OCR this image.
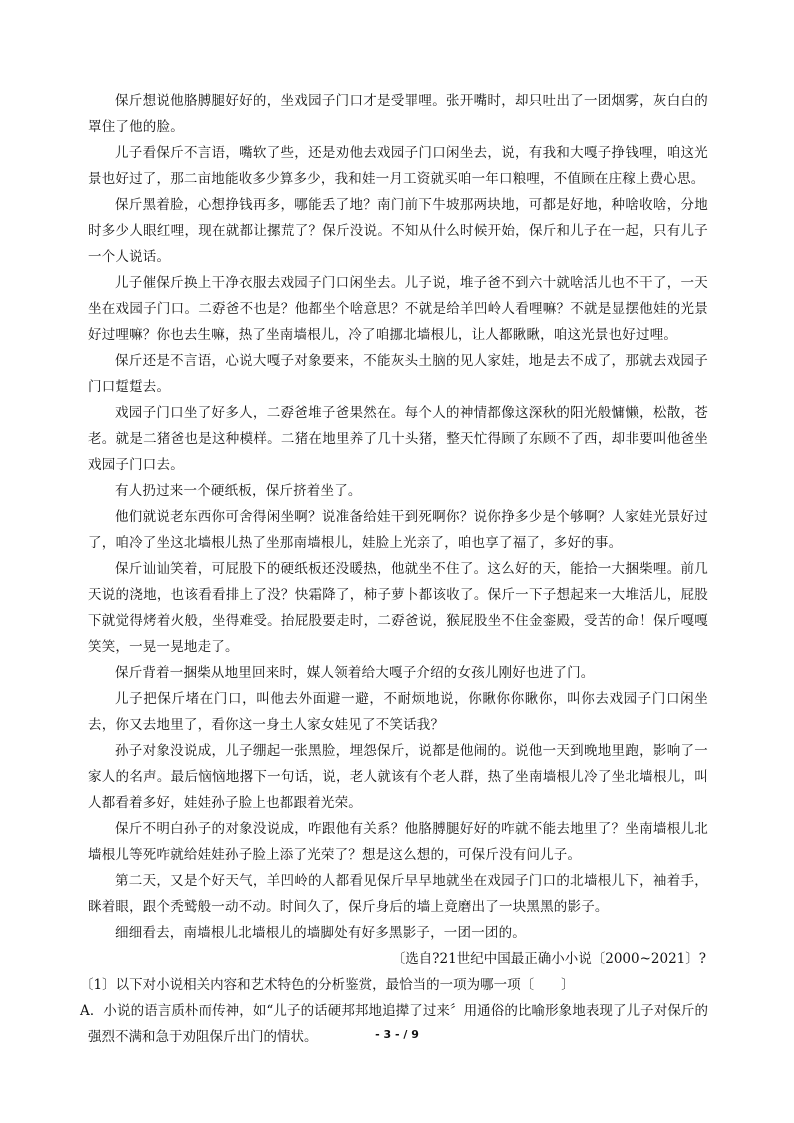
保斤想说他胳膊腿好好的，坐戏园子门口才是受罪哩。张开嘴时，却只吐出了一团烟雾，灰白白的罩住了他的脸。

儿子看保斤不言语，嘴软了些，还是劝他去戏园子门口闲坐去，说，有我和大嘎子挣钱哩，咱这光景也好过了，那二亩地能收多少算多少，我和娃一月工资就买咱一年口粮哩，不值顾在庄稼上费心思。

保斤黑着脸，心想挣钱再多，哪能丢了地？南门前下牛坡那两块地，可都是好地，种啥收啥，分地时多少人眼红哩，现在就都让摞荒了？保斤没说。不知从什么时候开始，保斤和儿子在一起，只有儿子一个人说话。

儿子催保斤换上干净衣服去戏园子门口闲坐去。儿子说，堆子爸不到六十就啥活儿也不干了，一天坐在戏园子门口。二孬爸不也是？他都坐个啥意思？不就是给羊凹岭人看哩嘛？不就是显摆他娃的光景好过哩嘛？你也去生嘛，热了坐南墙根儿，冷了咱挪北墙根儿，让人都瞅瞅，咱这光景也好过哩。

保斤还是不言语，心说大嘎子对象要来，不能灰头土脑的见人家娃，地是去不成了，那就去戏园子门口踅踅去。

戏园子门口坐了好多人，二孬爸堆子爸果然在。每个人的神情都像这深秋的阳光般慵懒，松散，苍老。就是二猪爸也是这种模样。二猪在地里养了几十头猪，整天忙得顾了东顾不了西，却非要叫他爸坐戏园子门口去。

有人扔过来一个硬纸板，保斤挤着坐了。

他们就说老东西你可舍得闲坐啊？说准备给娃干到死啊你？说你挣多少是个够啊？人家娃光景好过了，咱冷了坐这北墙根儿热了坐那南墙根儿，娃脸上光亲了，咱也享了福了，多好的事。

保斤讪讪笑着，可屁股下的硬纸板还没暖热，他就坐不住了。这么好的天，能拾一大捆柴哩。前几天说的浇地，也该看看排上了没？快霜降了，柿子萝卜都该收了。保斤一下子想起来一大堆活儿，屁股下就觉得烤着火般，坐得难受。抬屁股要走时，二孬爸说，猴屁股坐不住金銮殿，受苦的命！保斤嘎嘎笑笑，一晃一晃地走了。

保斤背着一捆柴从地里回来时，媒人领着给大嘎子介绍的女孩儿刚好也进了门。

儿子把保斤堵在门口，叫他去外面避一避，不耐烦地说，你瞅你你瞅你，叫你去戏园子门口闲坐去，你又去地里了，看你这一身土人家女娃见了不笑话我？

孙子对象没说成，儿子绷起一张黑脸，埋怨保斤，说都是他闹的。说他一天到晚地里跑，影响了一家人的名声。最后恼恼地撂下一句话，说，老人就该有个老人群，热了坐南墙根儿冷了坐北墙根儿，叫人都看着多好，娃娃孙子脸上也都跟着光荣。

保斤不明白孙子的对象没说成，咋跟他有关系？他胳膊腿好好的咋就不能去地里了？坐南墙根儿北墙根儿等死咋就给娃娃孙子脸上添了光荣了？想是这么想的，可保斤没有问儿子。

第二天，又是个好天气，羊凹岭的人都看见保斤早早地就坐在戏园子门口的北墙根儿下，袖着手，眯着眼，跟个秃鹫般一动不动。时间久了，保斤身后的墙上竟磨出了一块黑黑的影子。

细细看去，南墙根儿北墙根儿的墙脚处有好多黑影子，一团一团的。

〔选自?21世纪中国最正确小小说〔2000~2021〕?

〔1〕以下对小说相关内容和艺术特色的分析鉴赏，最恰当的一项为哪一项〔　　〕

A．小说的语言质朴而传神，如“儿子的话硬邦邦地追撵了过来〞用通俗的比喻形象地表现了儿子对保斤的强烈不满和急于劝阻保斤出门的情状。	- 3 - / 9
